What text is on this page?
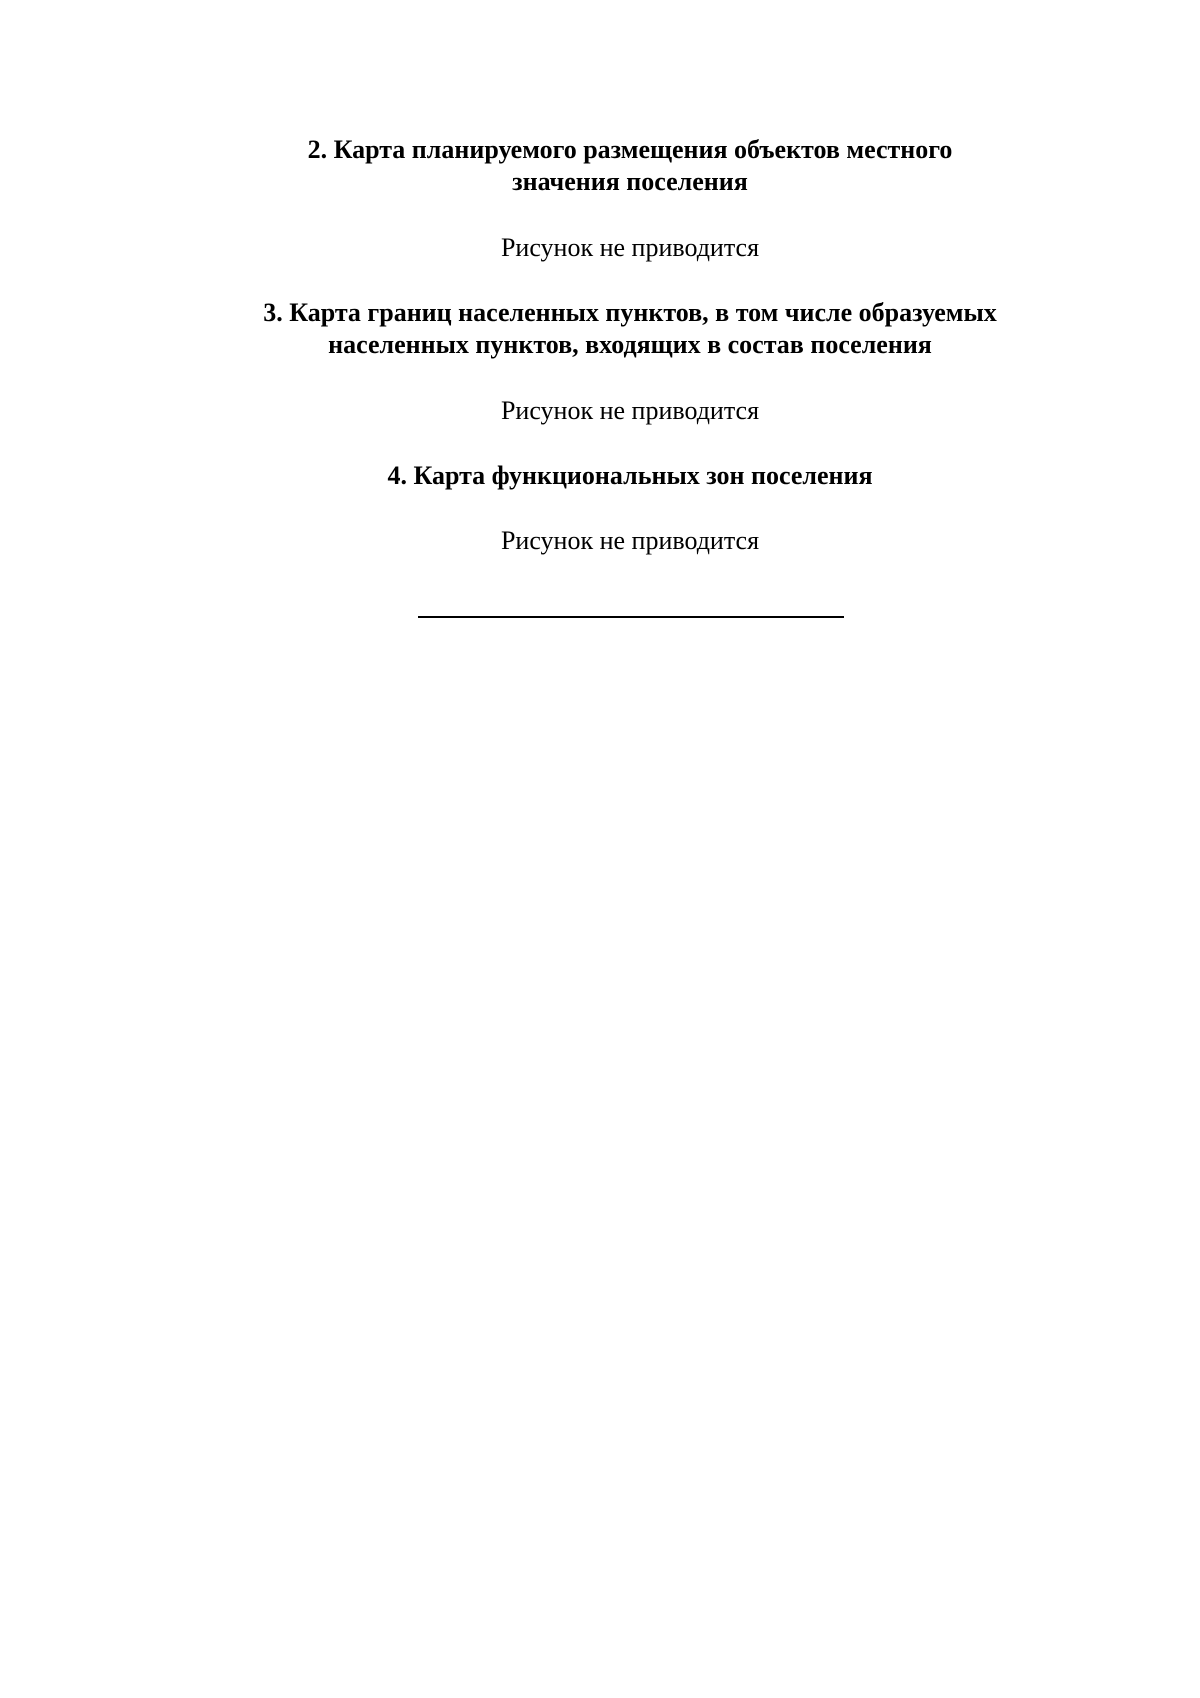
2. Карта планируемого размещения объектов местного
значения поселения
Рисунок не приводится
3. Карта границ населенных пунктов, в том числе образуемых
населенных пунктов, входящих в состав поселения
Рисунок не приводится
4. Карта функциональных зон поселения
Рисунок не приводится
